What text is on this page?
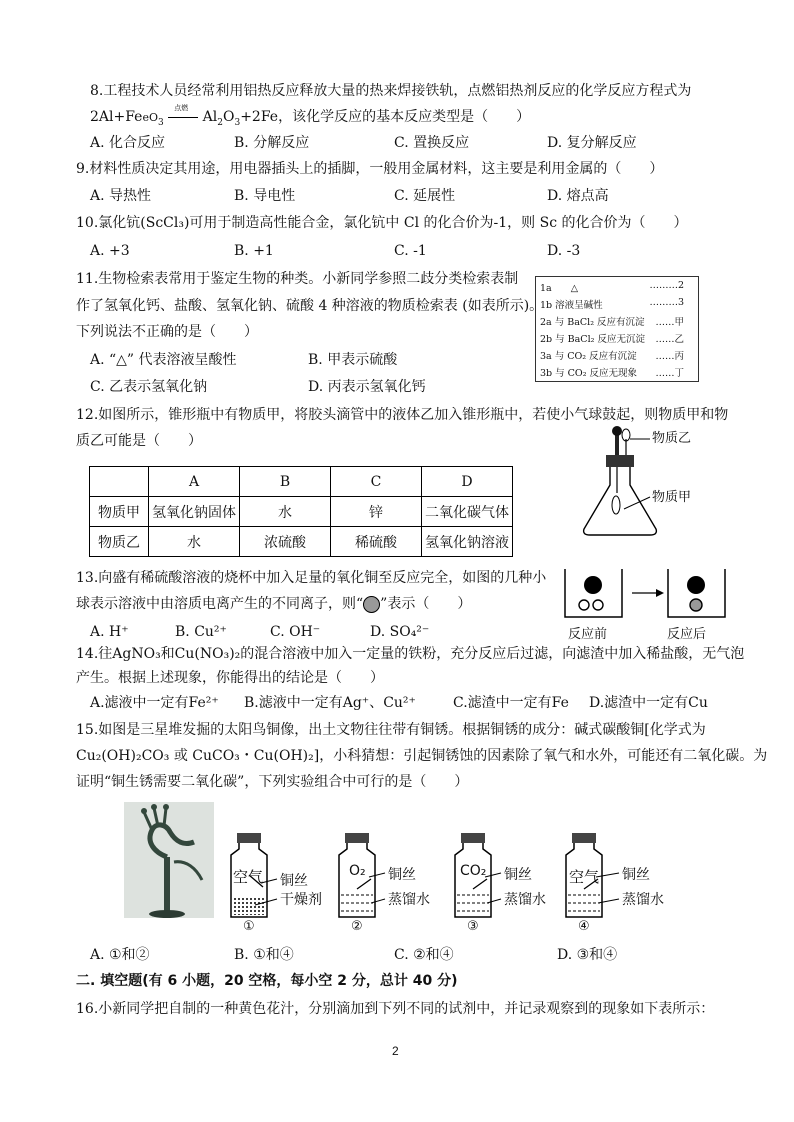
8.工程技术人员经常利用铝热反应释放大量的热来焊接铁轨，点燃铝热剂反应的化学反应方程式为
2Al+FeeO$_3$
点燃
$Al_2O_3+2Fe$，该化学反应的基本反应类型是（　　）
A. 化合反应	B. 分解反应	C. 置换反应	D. 复分解反应
9.材料性质决定其用途，用电器插头上的插脚，一般用金属材料，这主要是利用金属的（　　）
A. 导热性	B. 导电性	C. 延展性	D. 熔点高
10.氯化钪(ScCl₃)可用于制造高性能合金，氯化钪中 Cl 的化合价为-1，则 Sc 的化合价为（　　）
A. +3	B. +1	C. -1	D. -3
11.生物检索表常用于鉴定生物的种类。小新同学参照二歧分类检索表制
作了氢氧化钙、盐酸、氢氧化钠、硫酸 4 种溶液的物质检索表 (如表所示)。
下列说法不正确的是（　　）
A. “△” 代表溶液呈酸性	B. 甲表示硫酸
C. 乙表示氢氧化钠	D. 丙表示氢氧化钙
1a　　△	………2
1b 溶液呈碱性	………3
2a 与 BaCl₂ 反应有沉淀 ……甲
2b 与 BaCl₂ 反应无沉淀 ……乙
3a 与 CO₂ 反应有沉淀 ……丙
3b 与 CO₂ 反应无现象 ……丁
12.如图所示，锥形瓶中有物质甲，将胶头滴管中的液体乙加入锥形瓶中，若使小气球鼓起，则物质甲和物
质乙可能是（　　）
	A	B	C	D
物质甲	氢氧化钠固体	水	锌	二氧化碳气体
物质乙	水	浓硫酸	稀硫酸	氢氧化钠溶液
物质乙
物质甲
13.向盛有稀硫酸溶液的烧杯中加入足量的氧化铜至反应完全，如图的几种小
球表示溶液中由溶质电离产生的不同离子，则“ ”表示（　　）
A. H⁺	B. Cu²⁺	C. OH⁻	D. SO₄²⁻	反应前	反应后
14.往AgNO₃和Cu(NO₃)₂的混合溶液中加入一定量的铁粉，充分反应后过滤，向滤渣中加入稀盐酸，无气泡
产生。根据上述现象，你能得出的结论是（　　）
A.滤液中一定有Fe²⁺ B.滤液中一定有Ag⁺、Cu²⁺	C.滤渣中一定有Fe D.滤渣中一定有Cu
15.如图是三星堆发掘的太阳鸟铜像，出土文物往往带有铜锈。根据铜锈的成分：碱式碳酸铜[化学式为
Cu₂(OH)₂CO₃ 或 CuCO₃・Cu(OH)₂]，小科猜想：引起铜锈蚀的因素除了氧气和水外，可能还有二氧化碳。为
证明“铜生锈需要二氧化碳”，下列实验组合中可行的是（　　）
空气 铜丝
干燥剂
①
O₂ 铜丝
蒸馏水
②
CO₂ 铜丝
蒸馏水
③
空气 铜丝
蒸馏水
④
A. ①和②	B. ①和④	C. ②和④	D. ③和④
二. 填空题(有 6 小题，20 空格，每小空 2 分，总计 40 分)
16.小新同学把自制的一种黄色花汁，分别滴加到下列不同的试剂中，并记录观察到的现象如下表所示：
2
